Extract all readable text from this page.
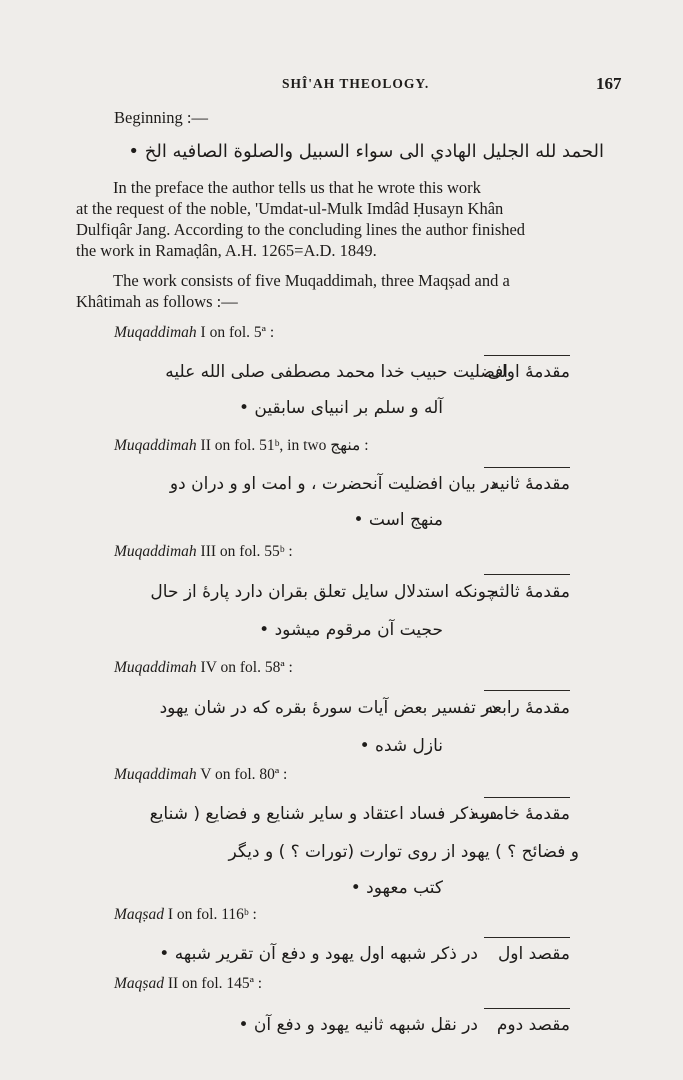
SHÎ'AH THEOLOGY.	167
Beginning :—
الحمد لله الجليل الهادي الى سواء السبيل والصلوة الصافيه الخ •
In the preface the author tells us that he wrote this work
at the request of the noble, 'Umdat-ul-Mulk Imdâd Ḥusayn Khân
Dulfiqâr Jang. According to the concluding lines the author finished
the work in Ramaḍân, A.H. 1265=A.D. 1849.
The work consists of five Muqaddimah, three Maqṣad and a
Khâtimah as follows :—
Muqaddimah I on fol. 5ª :
مقدمهٔ اولی
افضلیت حبیب خدا محمد مصطفی صلی الله علیه
آله و سلم بر انبیای سابقین •
Muqaddimah II on fol. 51ᵇ, in two منهج :
مقدمهٔ ثانیه
در بیان افضلیت آنحضرت ، و امت او و دران دو
منهج است •
Muqaddimah III on fol. 55ᵇ :
مقدمهٔ ثالثه
چونکه استدلال سایل تعلق بقران دارد پارهٔ از حال
حجیت آن مرقوم میشود •
Muqaddimah IV on fol. 58ª :
مقدمهٔ رابعه
در تفسیر بعض آیات سورهٔ بقره که در شان یهود
نازل شده •
Muqaddimah V on fol. 80ª :
مقدمهٔ خامسه
در ذکر فساد اعتقاد و سایر شنایع و فضایع ( شنایع
و فضائح ؟ ) یهود از روی توارت (تورات ؟ ) و دیگر
کتب معهود •
Maqṣad I on fol. 116ᵇ :
مقصد اول
در ذکر شبهه اول یهود و دفع آن تقریر شبهه •
Maqṣad II on fol. 145ª :
مقصد دوم
در نقل شبهه ثانیه یهود و دفع آن •
